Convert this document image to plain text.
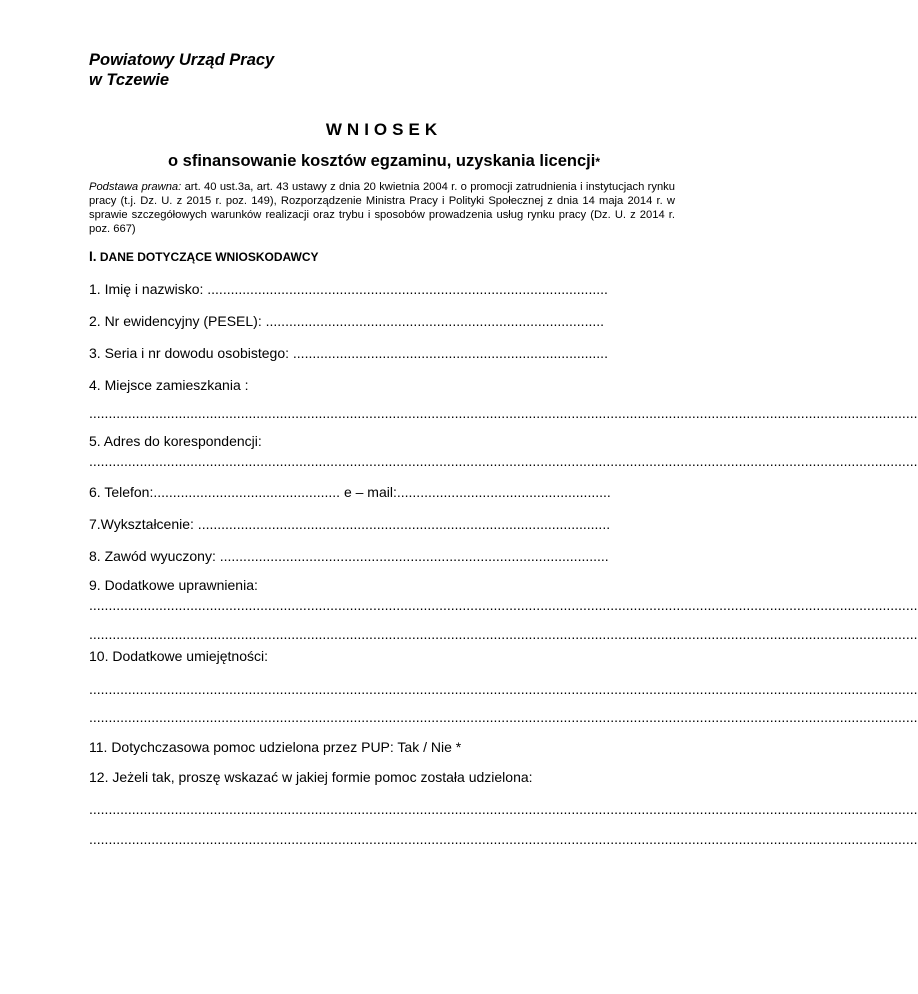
Powiatowy Urząd Pracy
w Tczewie
WNIOSEK
o sfinansowanie kosztów egzaminu, uzyskania licencji*
Podstawa prawna: art. 40 ust.3a, art. 43 ustawy z dnia 20 kwietnia 2004 r. o promocji zatrudnienia i instytucjach rynku pracy (t.j. Dz. U. z 2015 r. poz. 149), Rozporządzenie Ministra Pracy i Polityki Społecznej z dnia 14 maja 2014 r. w sprawie szczegółowych warunków realizacji oraz trybu i sposobów prowadzenia usług rynku pracy (Dz. U. z 2014 r. poz. 667)
I. DANE DOTYCZĄCE WNIOSKODAWCY
1. Imię i nazwisko: .......................................................................................................
2. Nr ewidencyjny (PESEL): .......................................................................................
3. Seria i nr dowodu osobistego: .................................................................................
4. Miejsce zamieszkania :
.....................................................................................................................................................................................................................
5. Adres do korespondencji:
.....................................................................................................................................................................................................................
6. Telefon:................................................ e – mail:.......................................................
7.Wykształcenie: ..........................................................................................................
8. Zawód wyuczony: ....................................................................................................
9. Dodatkowe uprawnienia:
.....................................................................................................................................................................................................................
.....................................................................................................................................................................................................................
10. Dodatkowe umiejętności:
.....................................................................................................................................................................................................................
.....................................................................................................................................................................................................................
11. Dotychczasowa pomoc udzielona przez PUP: Tak / Nie *
12. Jeżeli tak, proszę wskazać w jakiej formie pomoc została udzielona:
.....................................................................................................................................................................................................................
.....................................................................................................................................................................................................................
